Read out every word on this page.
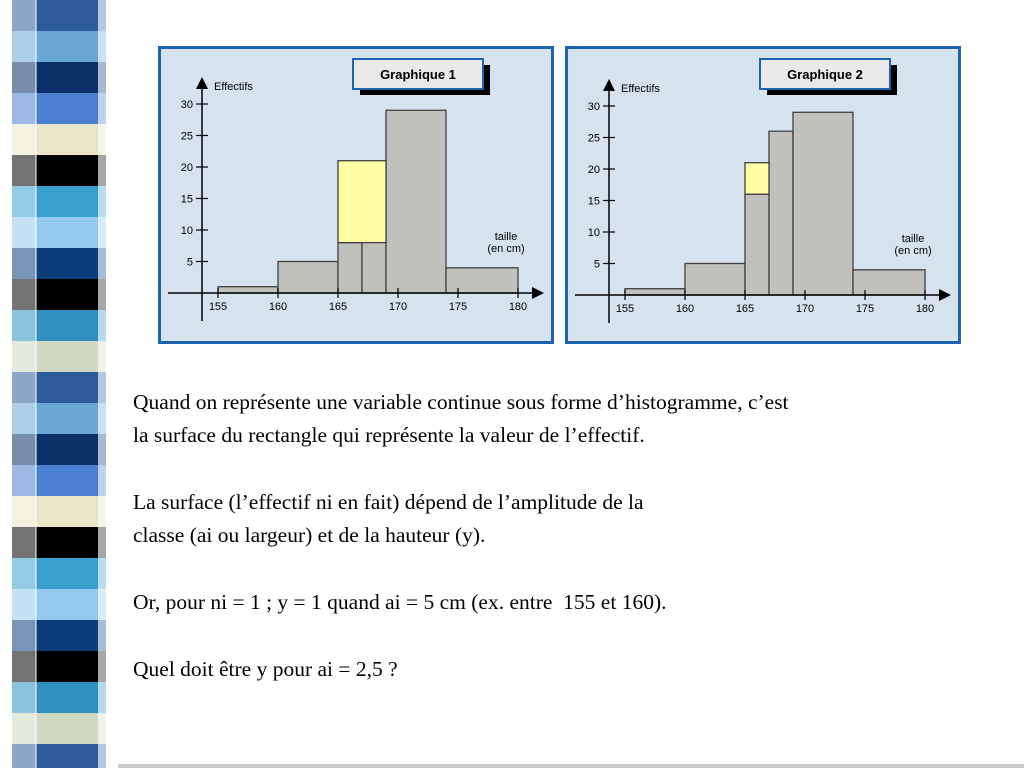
5
10
15
20
25
30
155	160	165	170	175	180
Effectifs
taille (en cm)
Graphique 1
5
10
15
20
25
30
155	160	165	170	175	180
Effectifs
taille (en cm)
Graphique 2

Quand on représente une variable continue sous forme d’histogramme, c’est
la surface du rectangle qui représente la valeur de l’effectif.

La surface (l’effectif ni en fait) dépend de l’amplitude de la
classe (ai ou largeur) et de la hauteur (y).

Or, pour ni = 1 ; y = 1 quand ai = 5 cm (ex. entre  155 et 160).

Quel doit être y pour ai = 2,5 ?
